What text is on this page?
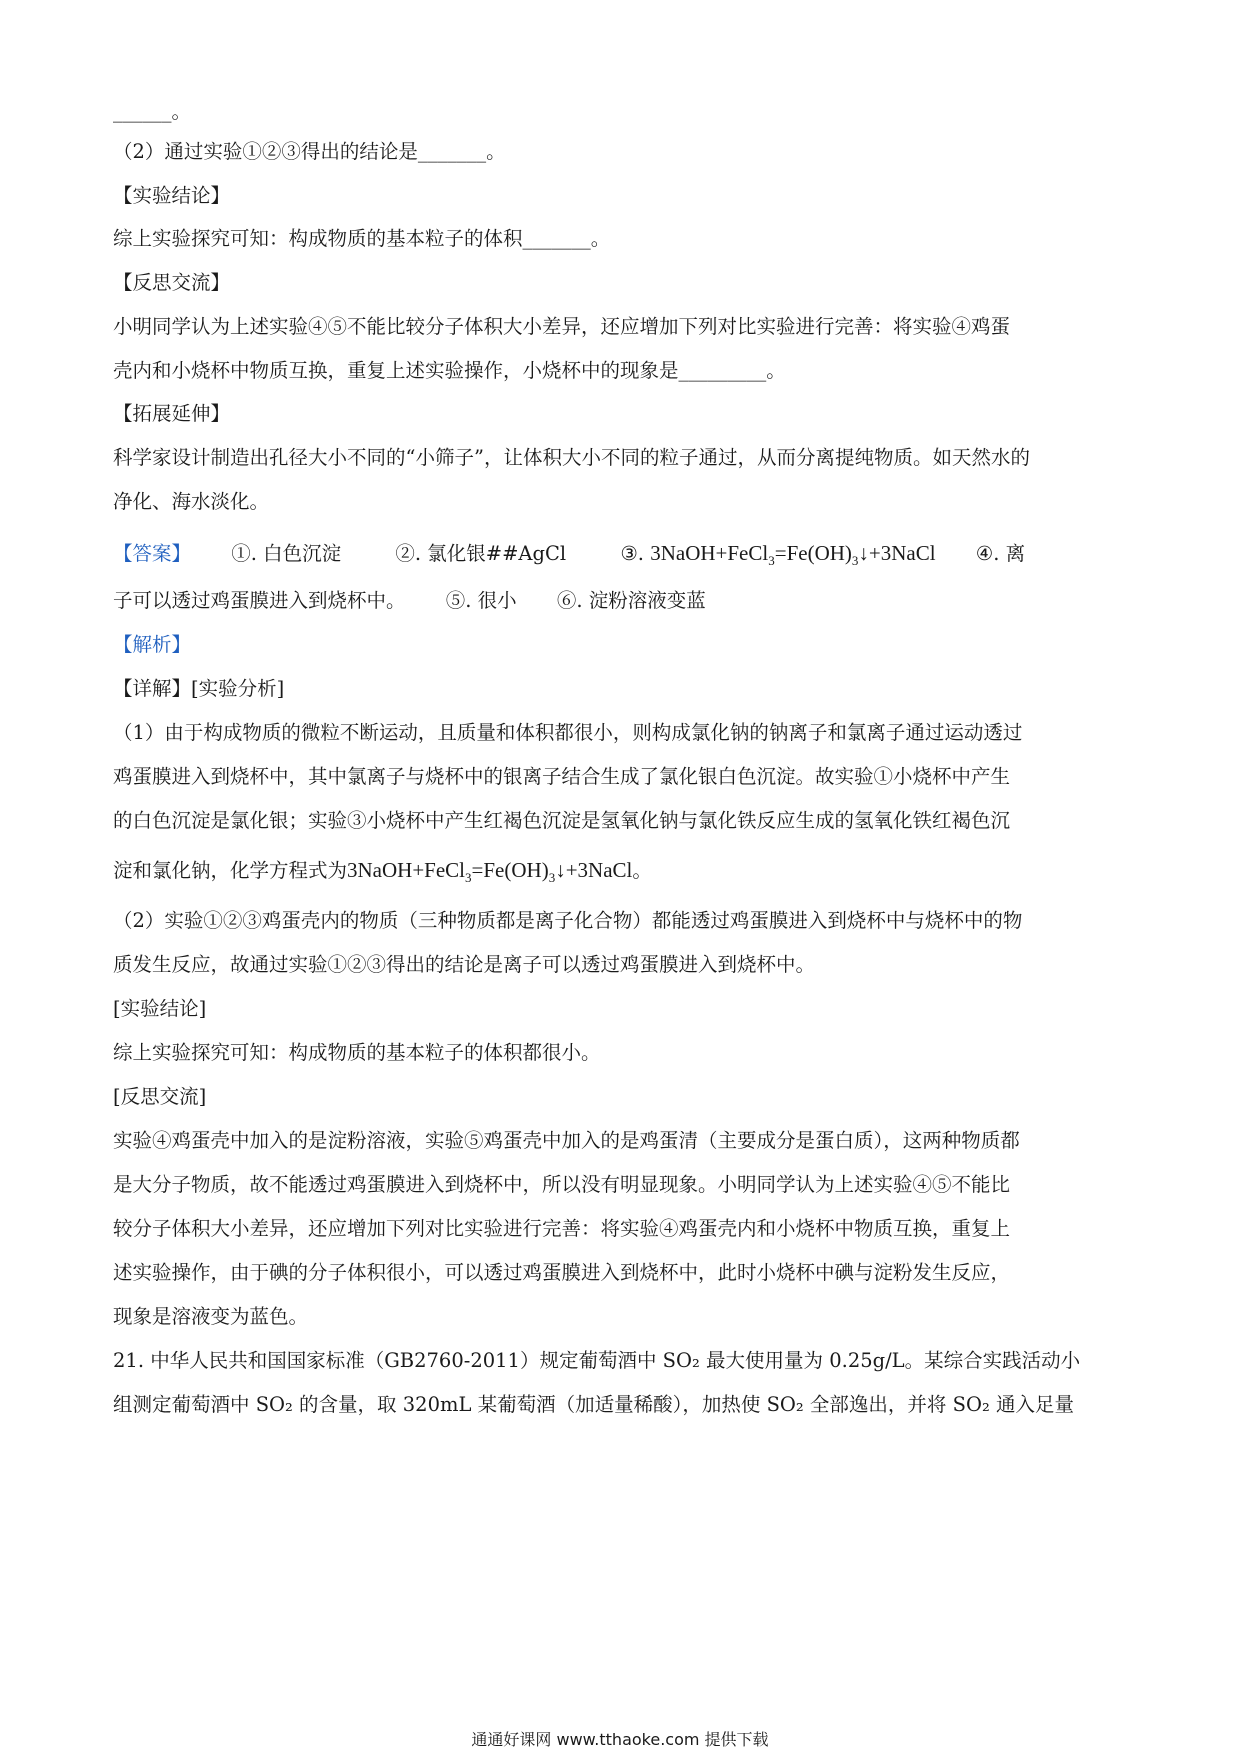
______。
（2）通过实验①②③得出的结论是_______。
【实验结论】
综上实验探究可知：构成物质的基本粒子的体积_______。
【反思交流】
小明同学认为上述实验④⑤不能比较分子体积大小差异，还应增加下列对比实验进行完善：将实验④鸡蛋
壳内和小烧杯中物质互换，重复上述实验操作，小烧杯中的现象是_________。
【拓展延伸】
科学家设计制造出孔径大小不同的“小筛子”，让体积大小不同的粒子通过，从而分离提纯物质。如天然水的
净化、海水淡化。
【答案】 ①. 白色沉淀	②. 氯化银##AgCl	③. $3NaOH+FeCl_3=Fe(OH)_3↓+3NaCl$ ④. 离
子可以透过鸡蛋膜进入到烧杯中。 ⑤. 很小 ⑥. 淀粉溶液变蓝
【解析】
【详解】[实验分析]
（1）由于构成物质的微粒不断运动，且质量和体积都很小，则构成氯化钠的钠离子和氯离子通过运动透过
鸡蛋膜进入到烧杯中，其中氯离子与烧杯中的银离子结合生成了氯化银白色沉淀。故实验①小烧杯中产生
的白色沉淀是氯化银；实验③小烧杯中产生红褐色沉淀是氢氧化钠与氯化铁反应生成的氢氧化铁红褐色沉
淀和氯化钠，化学方程式为$3NaOH+FeCl_3=Fe(OH)_3↓+3NaCl$。
（2）实验①②③鸡蛋壳内的物质（三种物质都是离子化合物）都能透过鸡蛋膜进入到烧杯中与烧杯中的物
质发生反应，故通过实验①②③得出的结论是离子可以透过鸡蛋膜进入到烧杯中。
[实验结论]
综上实验探究可知：构成物质的基本粒子的体积都很小。
[反思交流]
实验④鸡蛋壳中加入的是淀粉溶液，实验⑤鸡蛋壳中加入的是鸡蛋清（主要成分是蛋白质），这两种物质都
是大分子物质，故不能透过鸡蛋膜进入到烧杯中，所以没有明显现象。小明同学认为上述实验④⑤不能比
较分子体积大小差异，还应增加下列对比实验进行完善：将实验④鸡蛋壳内和小烧杯中物质互换，重复上
述实验操作，由于碘的分子体积很小，可以透过鸡蛋膜进入到烧杯中，此时小烧杯中碘与淀粉发生反应，
现象是溶液变为蓝色。
21. 中华人民共和国国家标准（GB2760-2011）规定葡萄酒中 SO₂ 最大使用量为 0.25g/L。某综合实践活动小
组测定葡萄酒中 SO₂ 的含量，取 320mL 某葡萄酒（加适量稀酸），加热使 SO₂ 全部逸出，并将 SO₂ 通入足量
通通好课网 www.tthaoke.com 提供下载
